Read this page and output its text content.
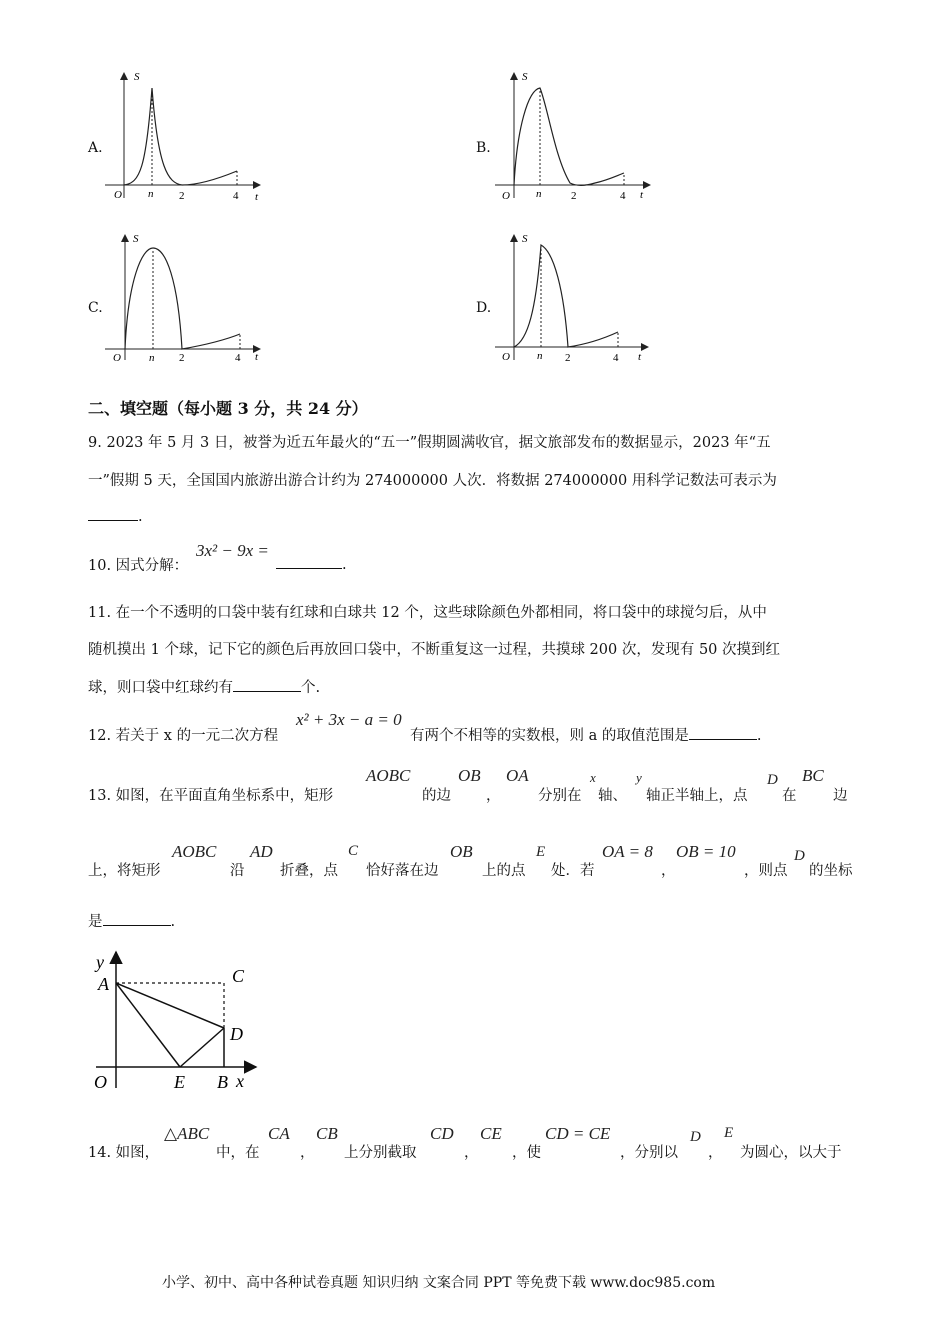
A.
S
t
O n 2	4
B.
S
t
O n	2	4
C.
S
t
O	n 2	4
D.
S
t
O n 2	4
二、填空题（每小题 3 分，共 24 分）
9. 2023 年 5 月 3 日，被誉为近五年最火的“五一”假期圆满收官，据文旅部发布的数据显示，2023 年“五
一”假期 5 天，全国国内旅游出游合计约为 274000000 人次．将数据 274000000 用科学记数法可表示为
.
10. 因式分解：
3x² − 9x =
.
11. 在一个不透明的口袋中装有红球和白球共 12 个，这些球除颜色外都相同，将口袋中的球搅匀后，从中
随机摸出 1 个球，记下它的颜色后再放回口袋中，不断重复这一过程，共摸球 200 次，发现有 50 次摸到红
球，则口袋中红球约有	个.
12. 若关于 x 的一元二次方程
x² + 3x − a = 0
有两个不相等的实数根，则 a 的取值范围是	.
13. 如图，在平面直角坐标系中，矩形
AOBC
的边
OB
，
OA
分别在
x
轴、
y
轴正半轴上，点
D
在
BC
边
上，将矩形
AOBC
沿
AD
折叠，点
C
恰好落在边
OB
上的点
E
处．若
OA = 8
，
OB = 10
，则点
D
的坐标
是	.
y
x
A	C
D
O	E B
14. 如图，
△ABC
中，在
CA
，
CB
上分别截取
CD
，
CE
，使
CD = CE
，分别以
D
，
E
为圆心，以大于
小学、初中、高中各种试卷真题 知识归纳 文案合同 PPT 等免费下载 www.doc985.com
